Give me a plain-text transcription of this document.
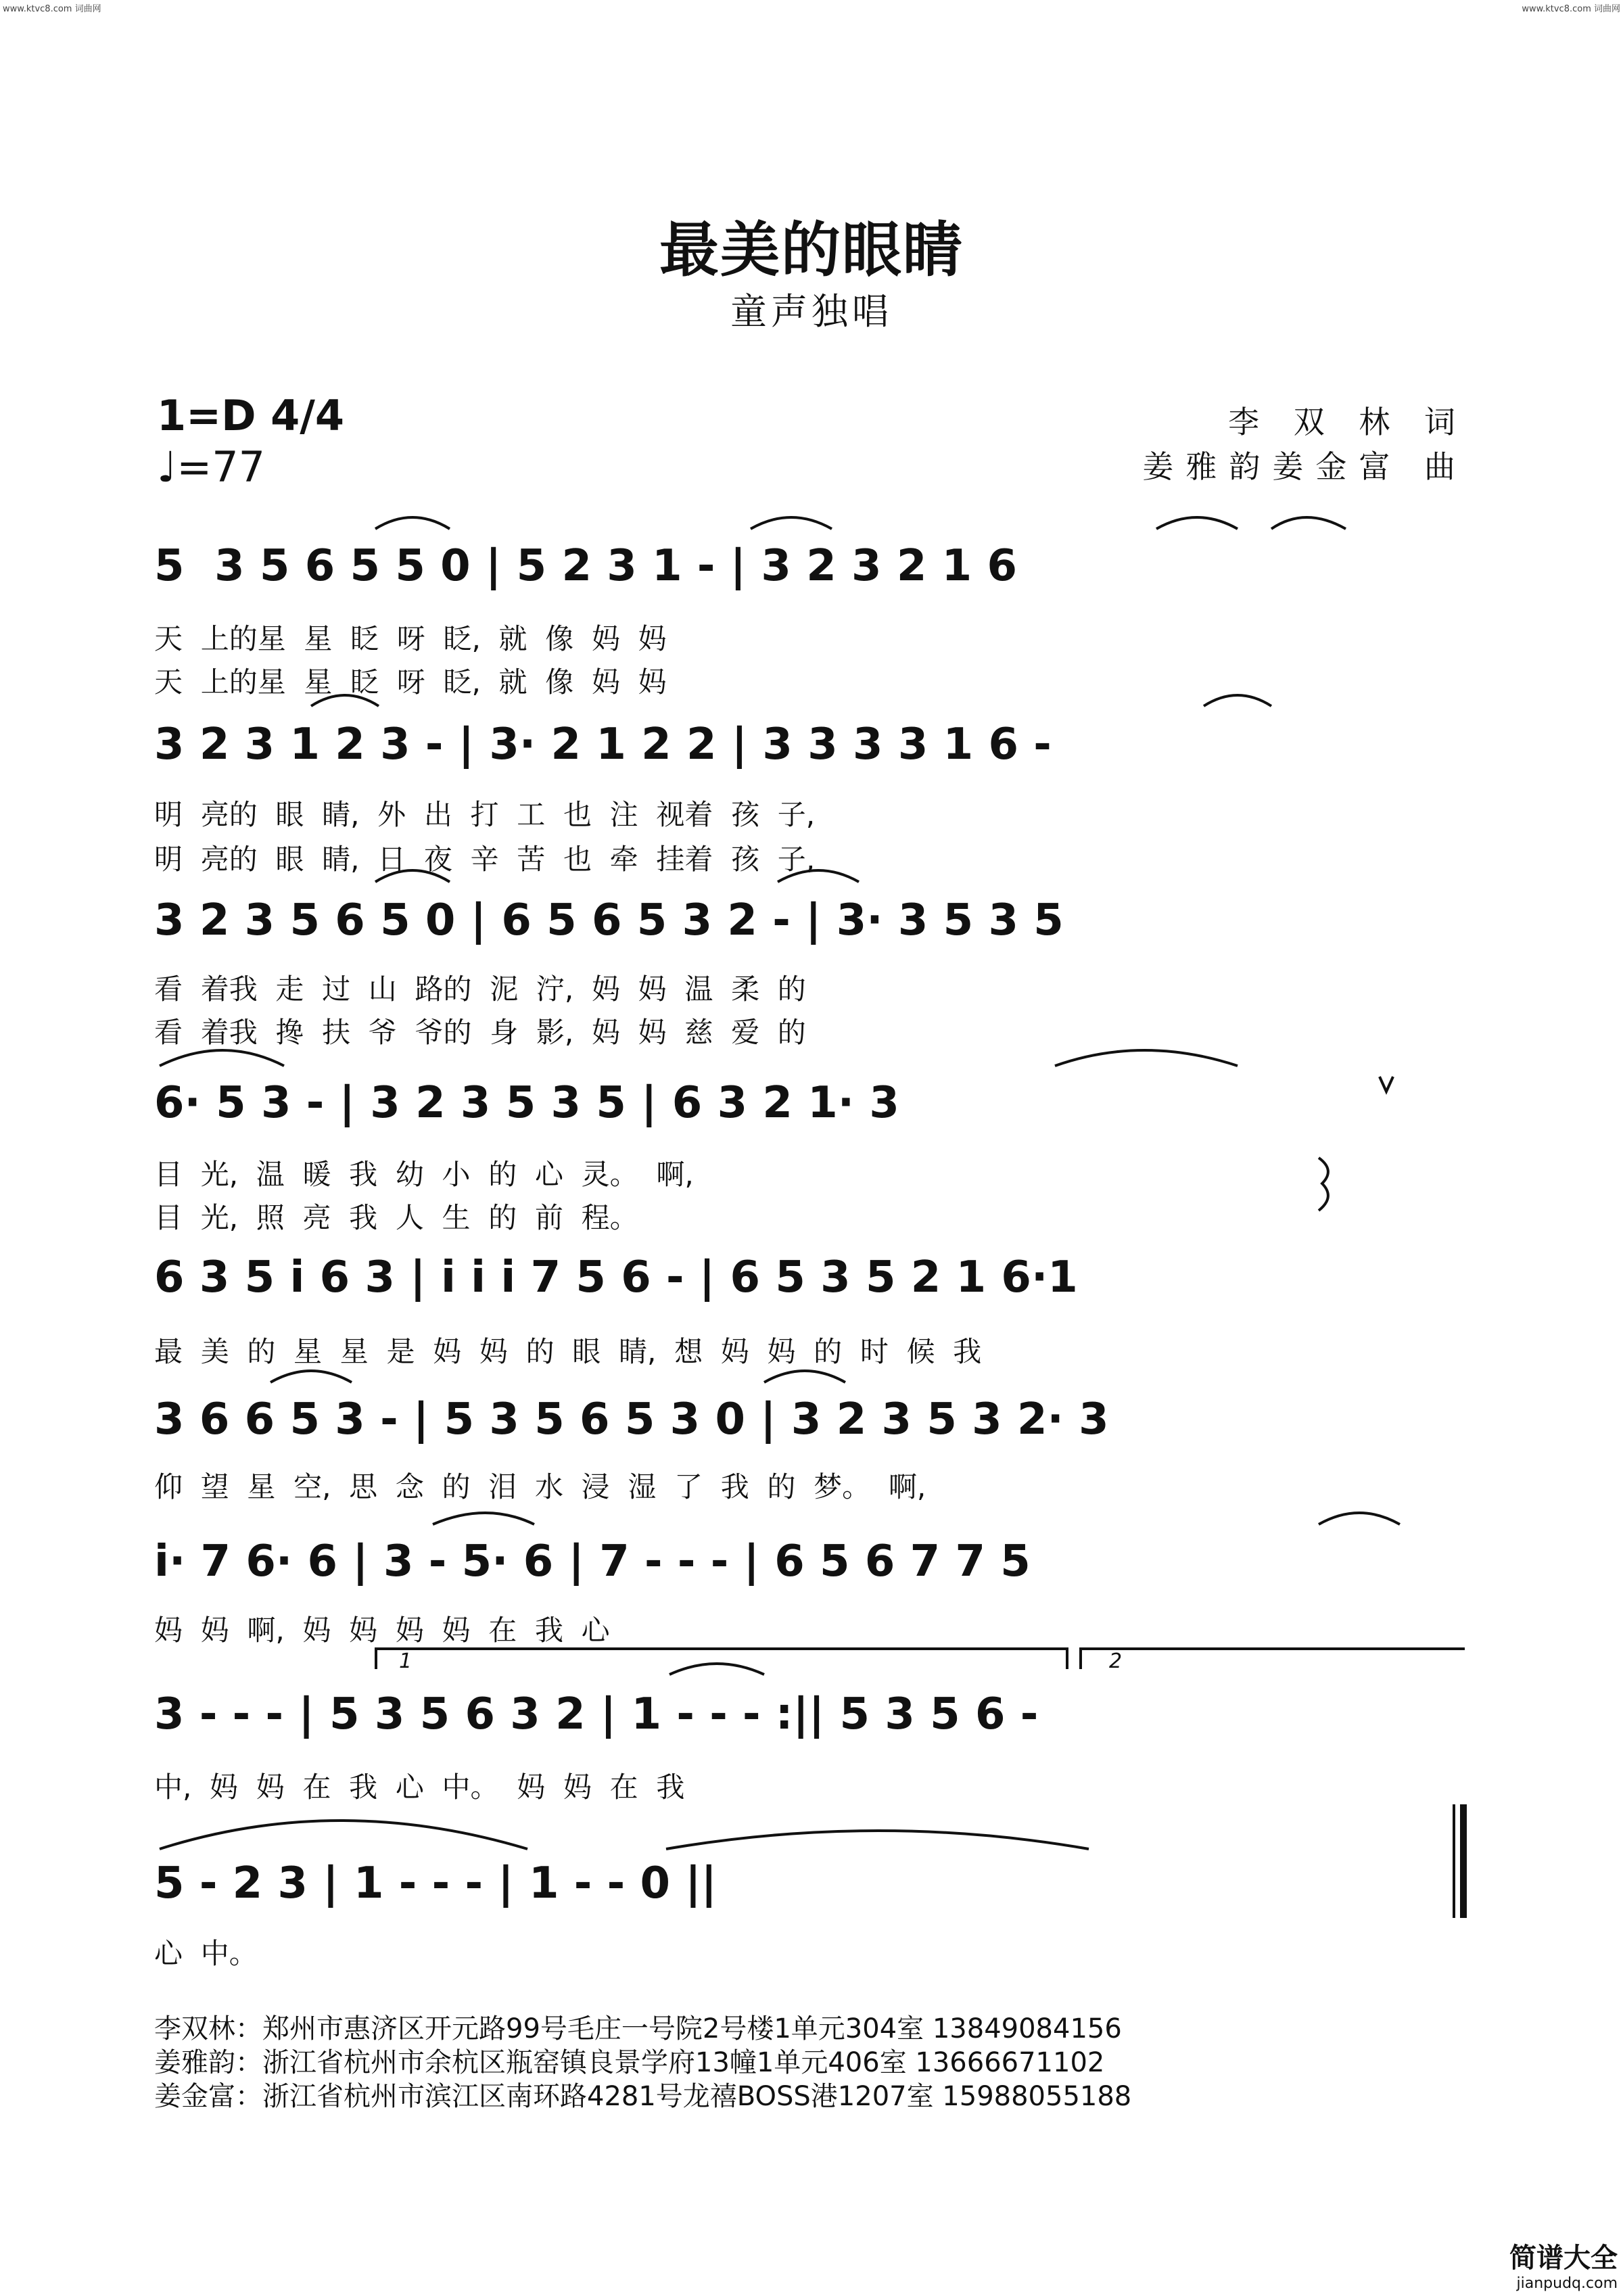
www.ktvc8.com 词曲网	www.ktvc8.com 词曲网
最美的眼睛
童声独唱
1=D 4/4
♩=77
李 双 林 词
姜雅韵姜金富 曲
5  3 5 6 5 5 0 | 5 2 3 1 - | 3 2 3 2 1 6
天  上的星  星  眨  呀  眨,  就  像  妈  妈
天  上的星  星  眨  呀  眨,  就  像  妈  妈
3 2 3 1 2 3 - | 3· 2 1 2 2 | 3 3 3 3 1 6 -
明  亮的  眼  睛,  外  出  打  工  也  注  视着  孩  子,
明  亮的  眼  睛,  日  夜  辛  苦  也  牵  挂着  孩  子,
3 2 3 5 6 5 0 | 6 5 6 5 3 2 - | 3· 3 5 3 5
看  着我  走  过  山  路的  泥  泞,  妈  妈  温  柔  的
看  着我  搀  扶  爷  爷的  身  影,  妈  妈  慈  爱  的
6· 5 3 - | 3 2 3 5 3 5 | 6 3 2 1· 3
目  光,  温  暖  我  幼  小  的  心  灵。  啊,
目  光,  照  亮  我  人  生  的  前  程。
6 3 5 i 6 3 | i i i 7 5 6 - | 6 5 3 5 2 1 6·1
最  美  的  星  星  是  妈  妈  的  眼  睛,  想  妈  妈  的  时  候  我
3 6 6 5 3 - | 5 3 5 6 5 3 0 | 3 2 3 5 3 2· 3
仰  望  星  空,  思  念  的  泪  水  浸  湿  了  我  的  梦。  啊,
i· 7 6· 6 | 3 - 5· 6 | 7 - - - | 6 5 6 7 7 5
妈  妈  啊,  妈  妈  妈  妈  在  我  心
3 - - - | 5 3 5 6 3 2 | 1 - - - :|| 5 3 5 6 -
中,  妈  妈  在  我  心  中。  妈  妈  在  我
5 - 2 3 | 1 - - - | 1 - - 0 ||
心  中。
1	2
李双林：郑州市惠济区开元路99号毛庄一号院2号楼1单元304室 13849084156
姜雅韵：浙江省杭州市余杭区瓶窑镇良景学府13幢1单元406室 13666671102
姜金富：浙江省杭州市滨江区南环路4281号龙禧BOSS港1207室 15988055188
简谱大全
jianpudq.com
